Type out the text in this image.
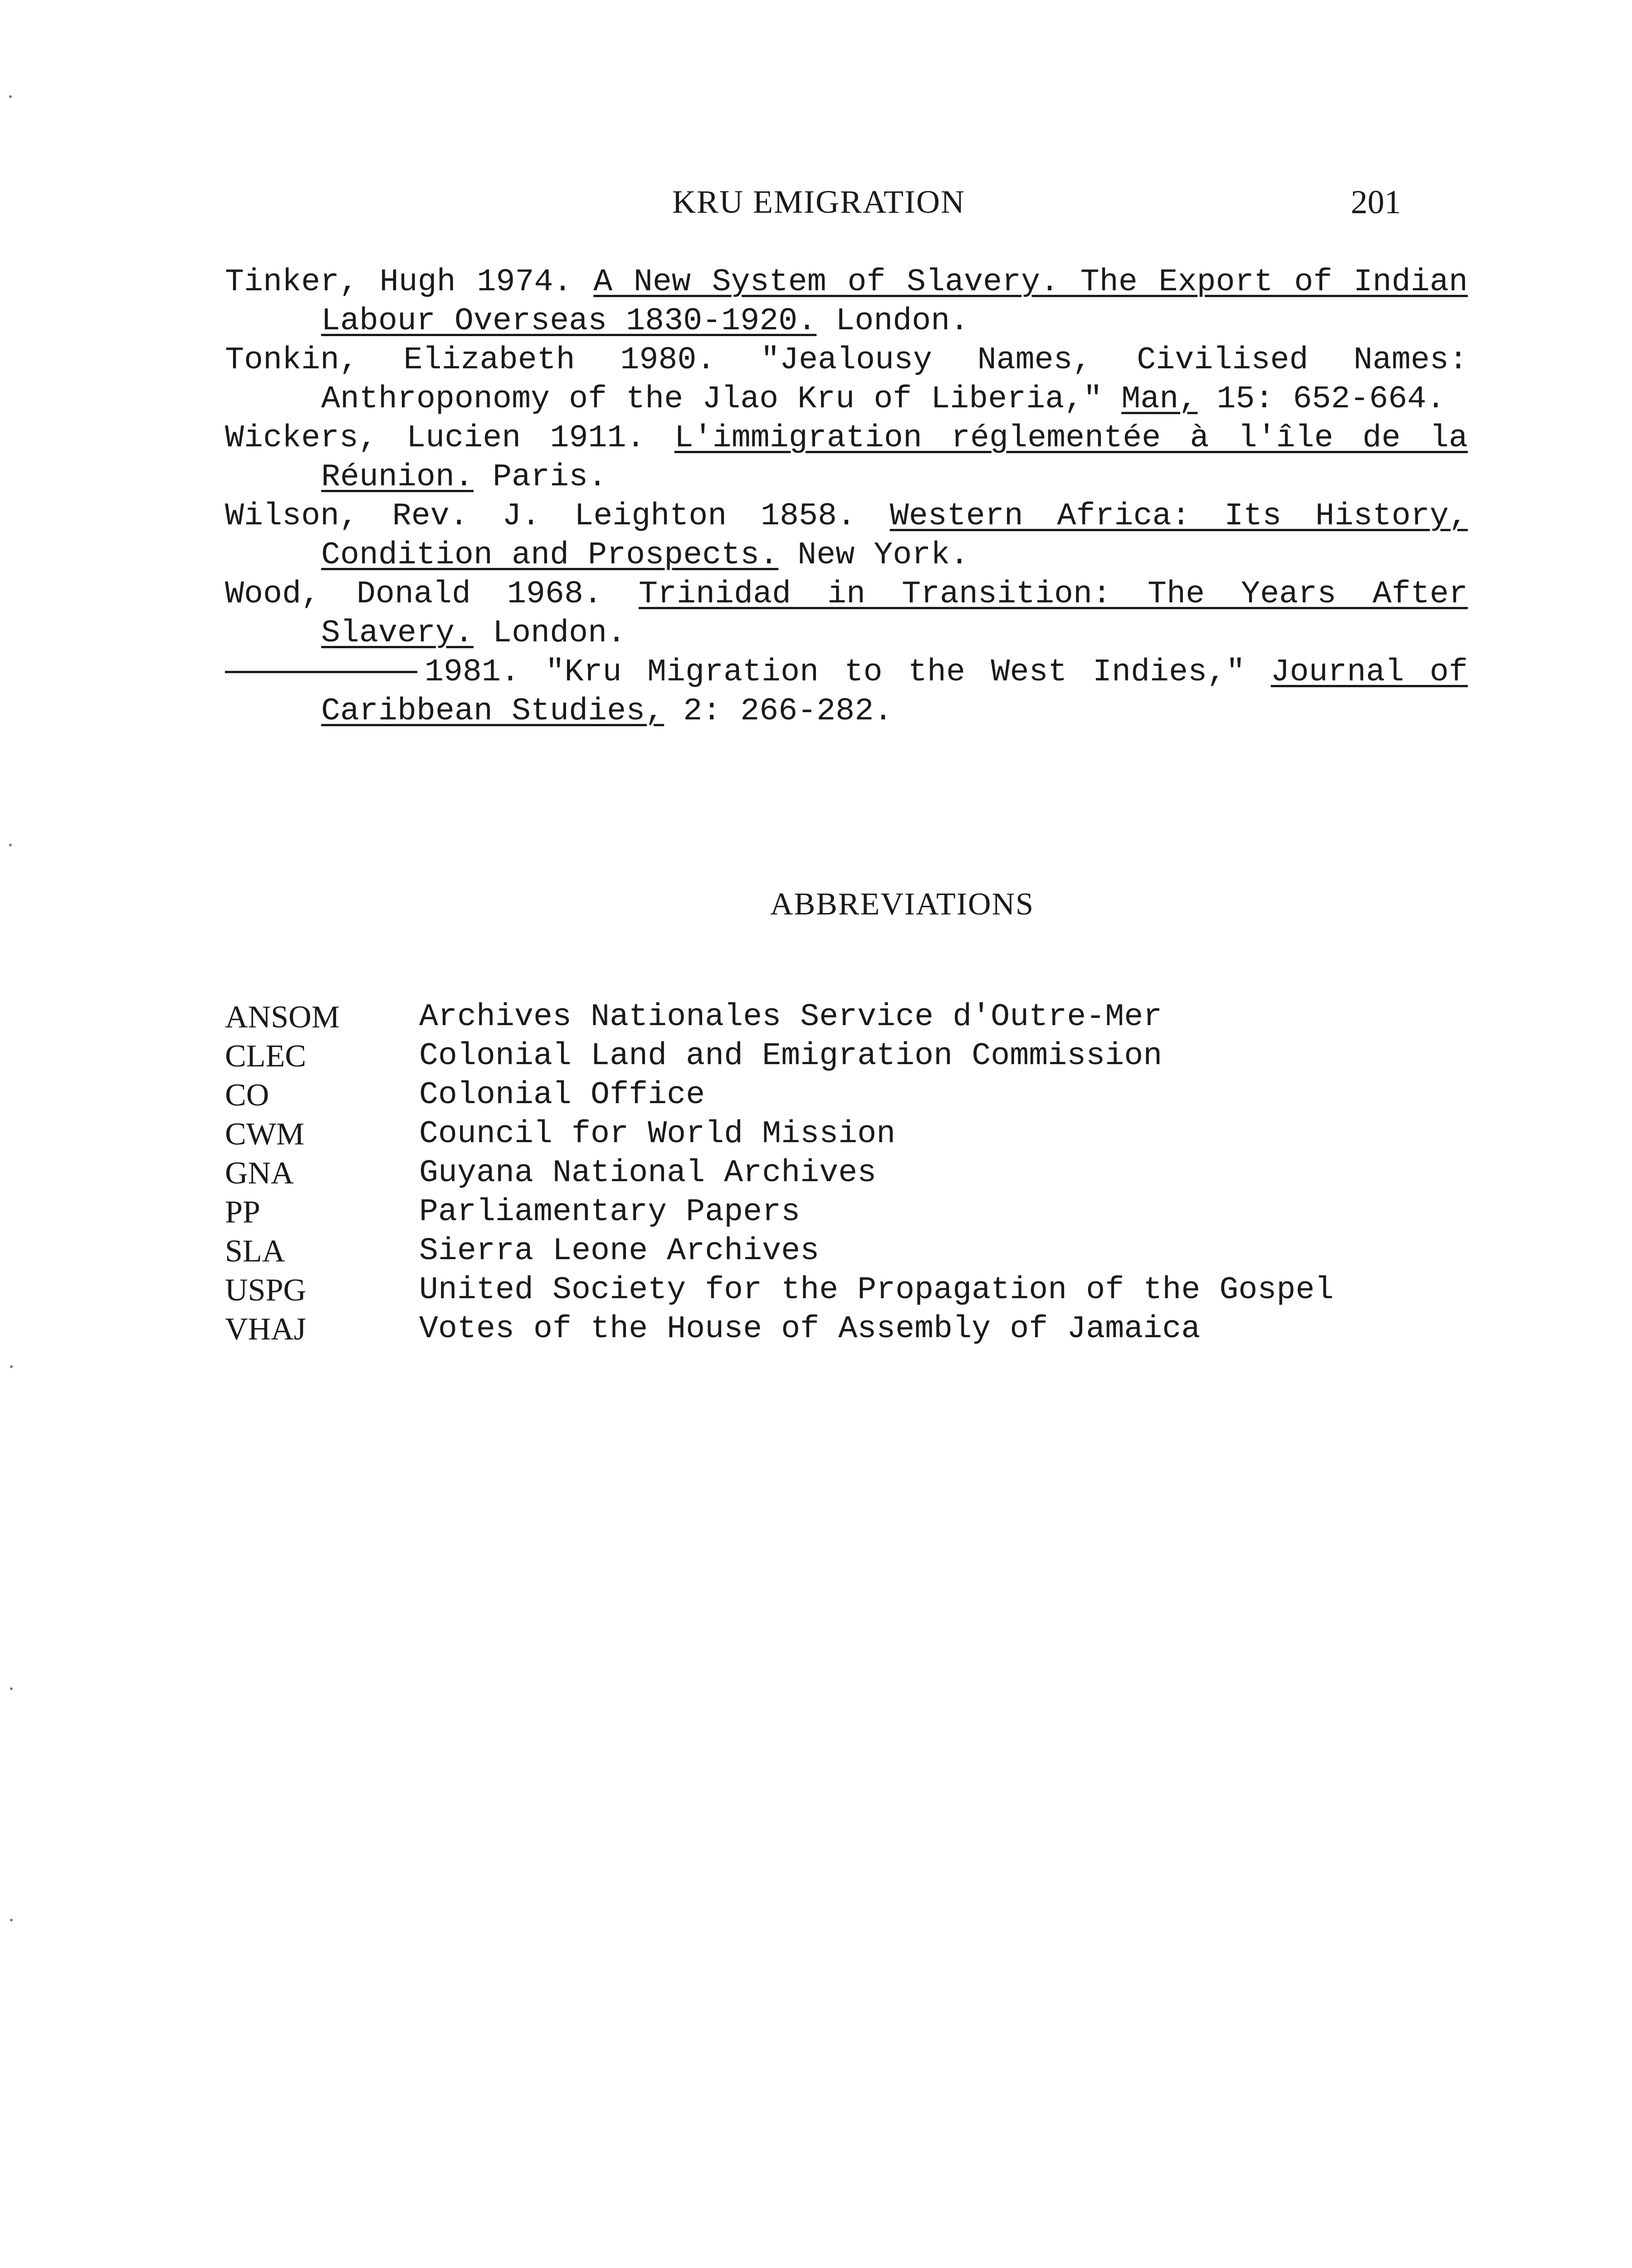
KRU EMIGRATION	201

Tinker, Hugh 1974. A New System of Slavery. The Export of Indian Labour Overseas 1830-1920. London.

Tonkin, Elizabeth 1980. "Jealousy Names, Civilised Names: Anthroponomy of the Jlao Kru of Liberia," Man, 15: 652-664.

Wickers, Lucien 1911. L'immigration réglementée à l'île de la Réunion. Paris.

Wilson, Rev. J. Leighton 1858. Western Africa: Its History, Condition and Prospects. New York.

Wood, Donald 1968. Trinidad in Transition: The Years After Slavery. London.

1981. "Kru Migration to the West Indies," Journal of Caribbean Studies, 2: 266-282.

ABBREVIATIONS
ANSOM	Archives Nationales Service d'Outre-Mer
CLEC	Colonial Land and Emigration Commission
CO	Colonial Office
CWM	Council for World Mission
GNA	Guyana National Archives
PP	Parliamentary Papers
SLA	Sierra Leone Archives
USPG	United Society for the Propagation of the Gospel
VHAJ	Votes of the House of Assembly of Jamaica
